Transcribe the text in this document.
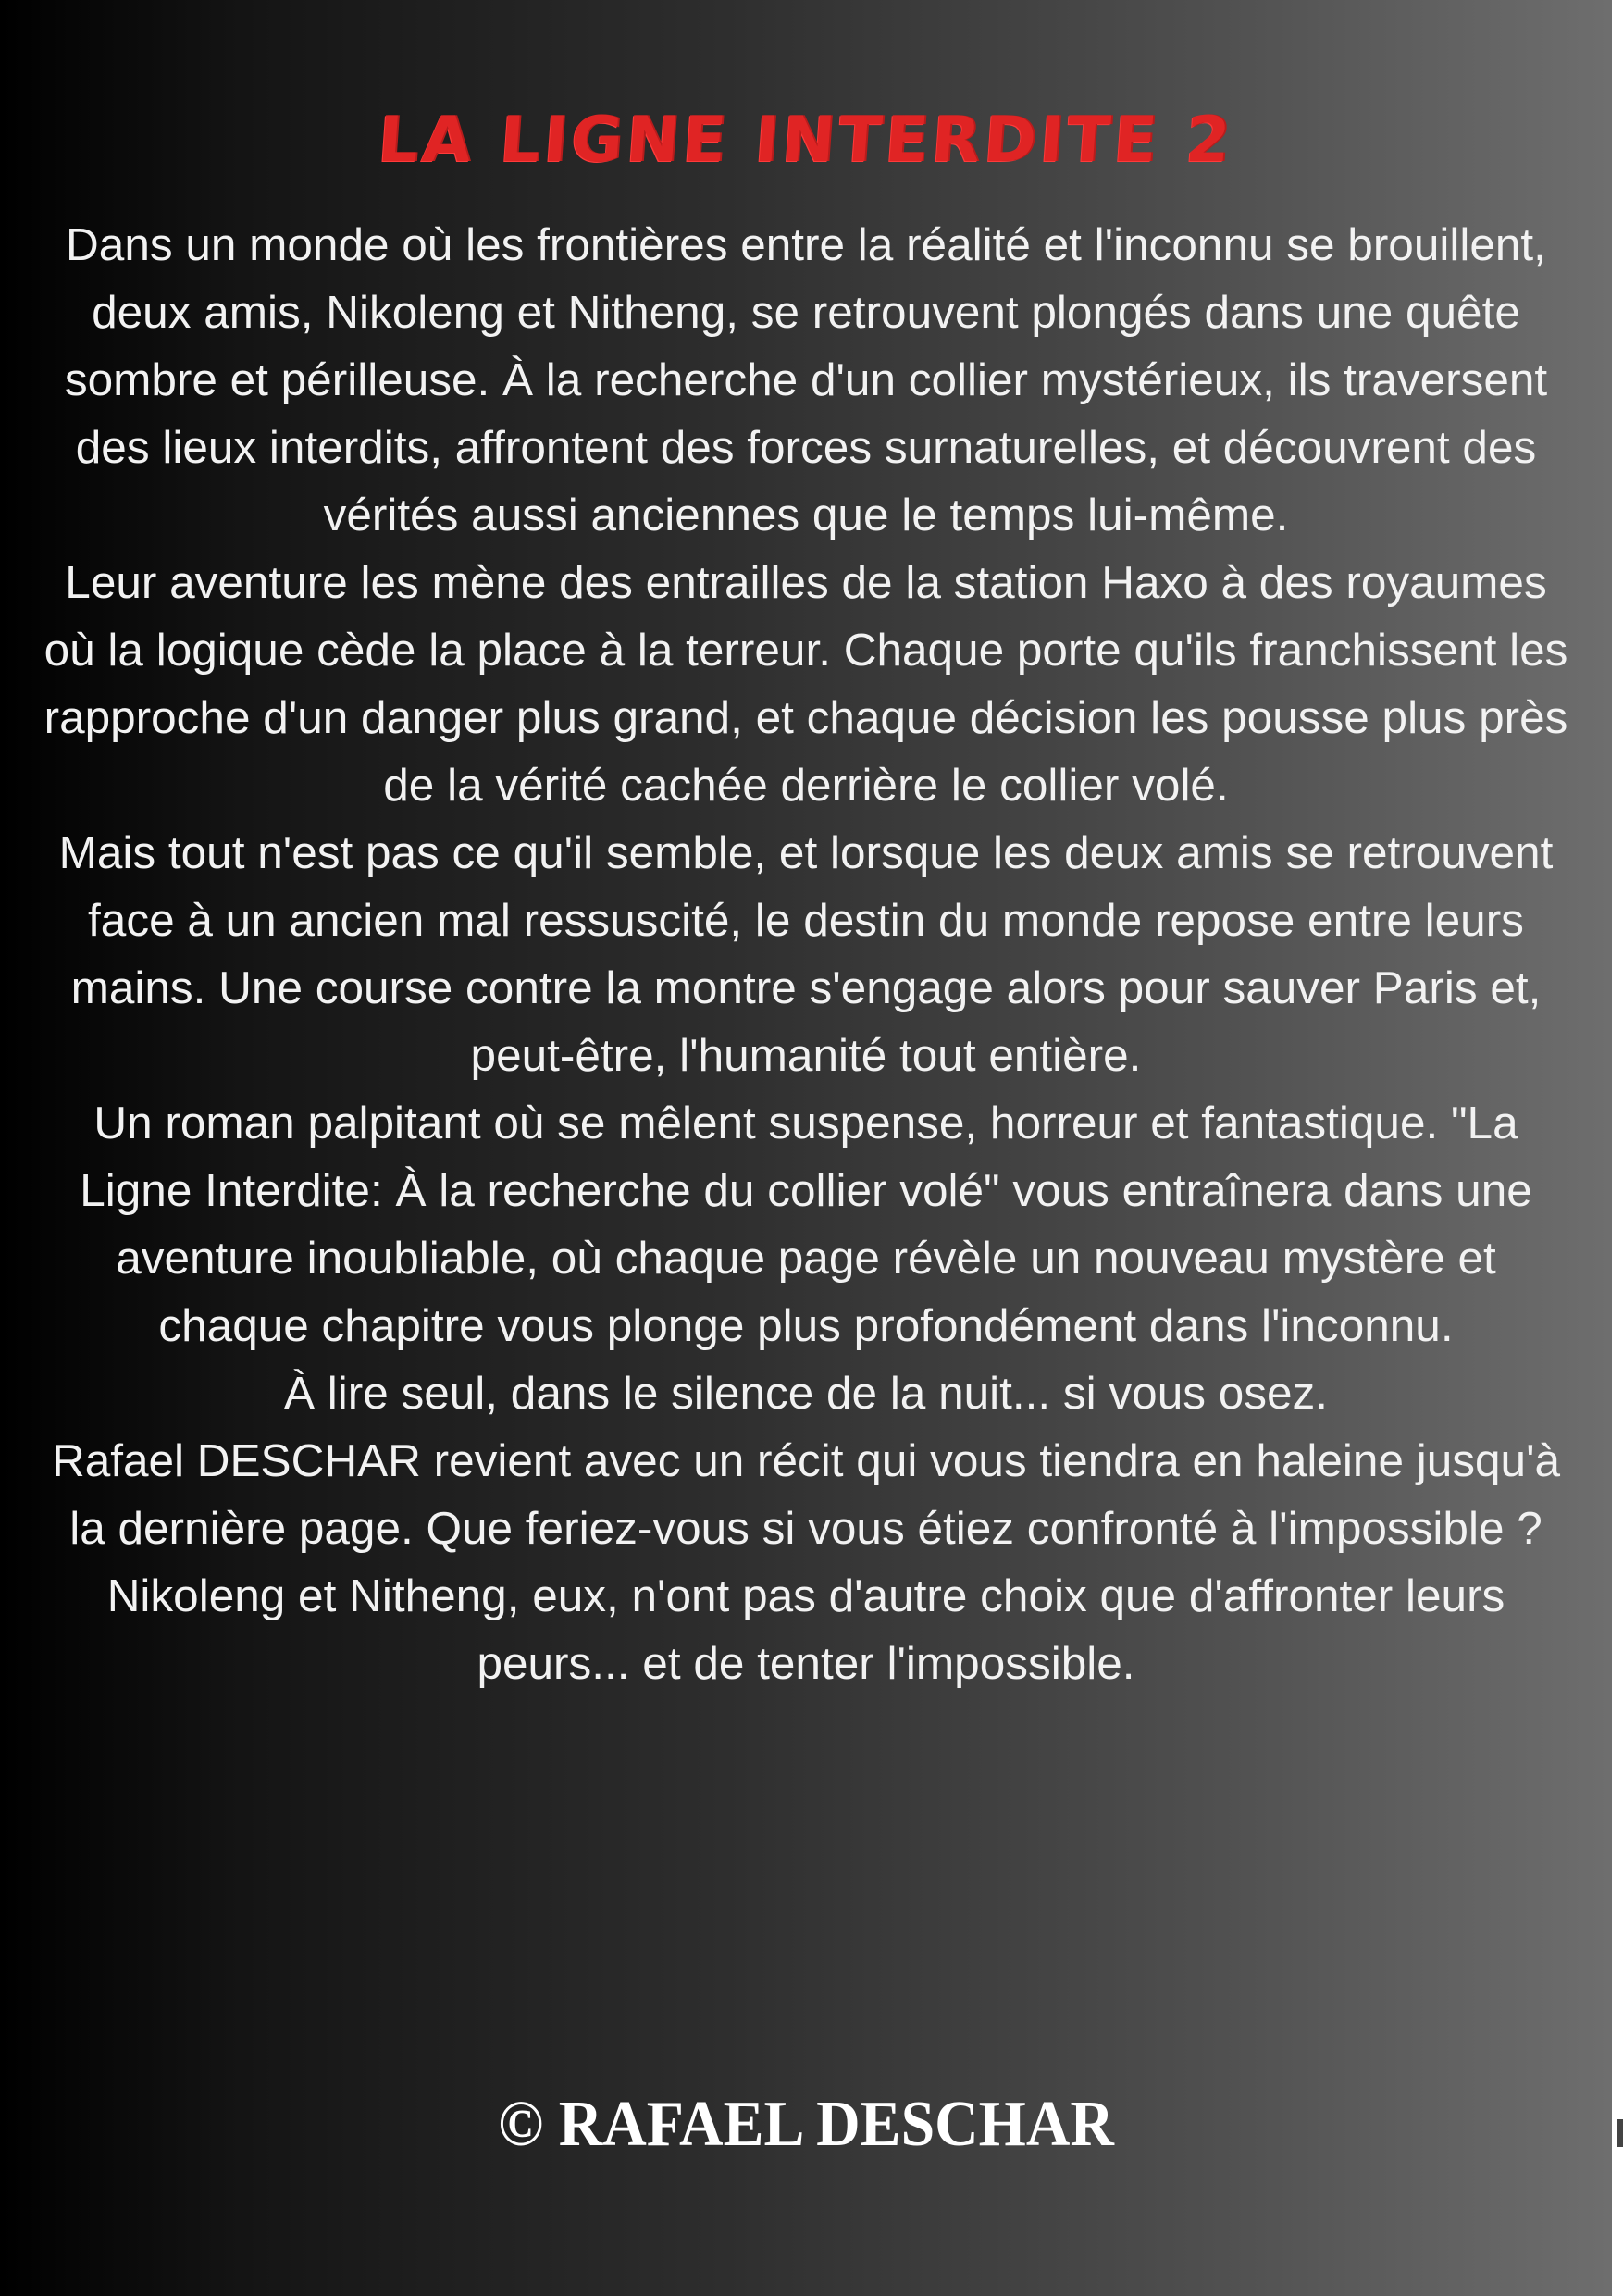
LA LIGNE INTERDITE 2

Dans un monde où les frontières entre la réalité et l'inconnu se brouillent, deux amis, Nikoleng et Nitheng, se retrouvent plongés dans une quête sombre et périlleuse. À la recherche d'un collier mystérieux, ils traversent des lieux interdits, affrontent des forces surnaturelles, et découvrent des vérités aussi anciennes que le temps lui-même.

Leur aventure les mène des entrailles de la station Haxo à des royaumes où la logique cède la place à la terreur. Chaque porte qu'ils franchissent les rapproche d'un danger plus grand, et chaque décision les pousse plus près de la vérité cachée derrière le collier volé.

Mais tout n'est pas ce qu'il semble, et lorsque les deux amis se retrouvent face à un ancien mal ressuscité, le destin du monde repose entre leurs mains. Une course contre la montre s'engage alors pour sauver Paris et, peut-être, l'humanité tout entière.

Un roman palpitant où se mêlent suspense, horreur et fantastique. "La Ligne Interdite: À la recherche du collier volé" vous entraînera dans une aventure inoubliable, où chaque page révèle un nouveau mystère et chaque chapitre vous plonge plus profondément dans l'inconnu.

À lire seul, dans le silence de la nuit... si vous osez.

Rafael DESCHAR revient avec un récit qui vous tiendra en haleine jusqu'à la dernière page. Que feriez-vous si vous étiez confronté à l'impossible ? Nikoleng et Nitheng, eux, n'ont pas d'autre choix que d'affronter leurs peurs... et de tenter l'impossible.

© RAFAEL DESCHAR
